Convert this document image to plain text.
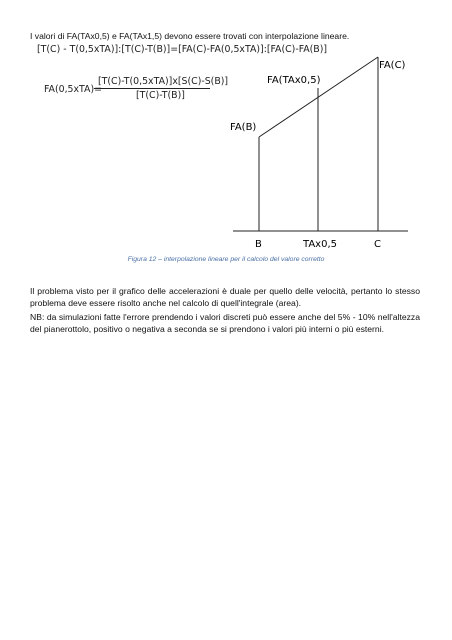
I valori di FA(TAx0,5) e FA(TAx1,5) devono essere trovati con interpolazione lineare.
[T(C) - T(0,5xTA)]:[T(C)-T(B)]=[FA(C)-FA(0,5xTA)]:[FA(C)-FA(B)]
FA(0,5xTA)=
[T(C)-T(0,5xTA)]x[S(C)-S(B)]
[T(C)-T(B)]
FA(B)
FA(TAx0,5)
FA(C)
B	TAx0,5	C
Figura 12 – interpolazione lineare per il calcolo del valore corretto
Il problema visto per il grafico delle accelerazioni è duale per quello delle velocità, pertanto lo stesso problema deve essere risolto anche nel calcolo di quell'integrale (area).
NB: da simulazioni fatte l'errore prendendo i valori discreti può essere anche del 5% - 10% nell'altezza del pianerottolo, positivo o negativa a seconda se si prendono i valori più interni o più esterni.
